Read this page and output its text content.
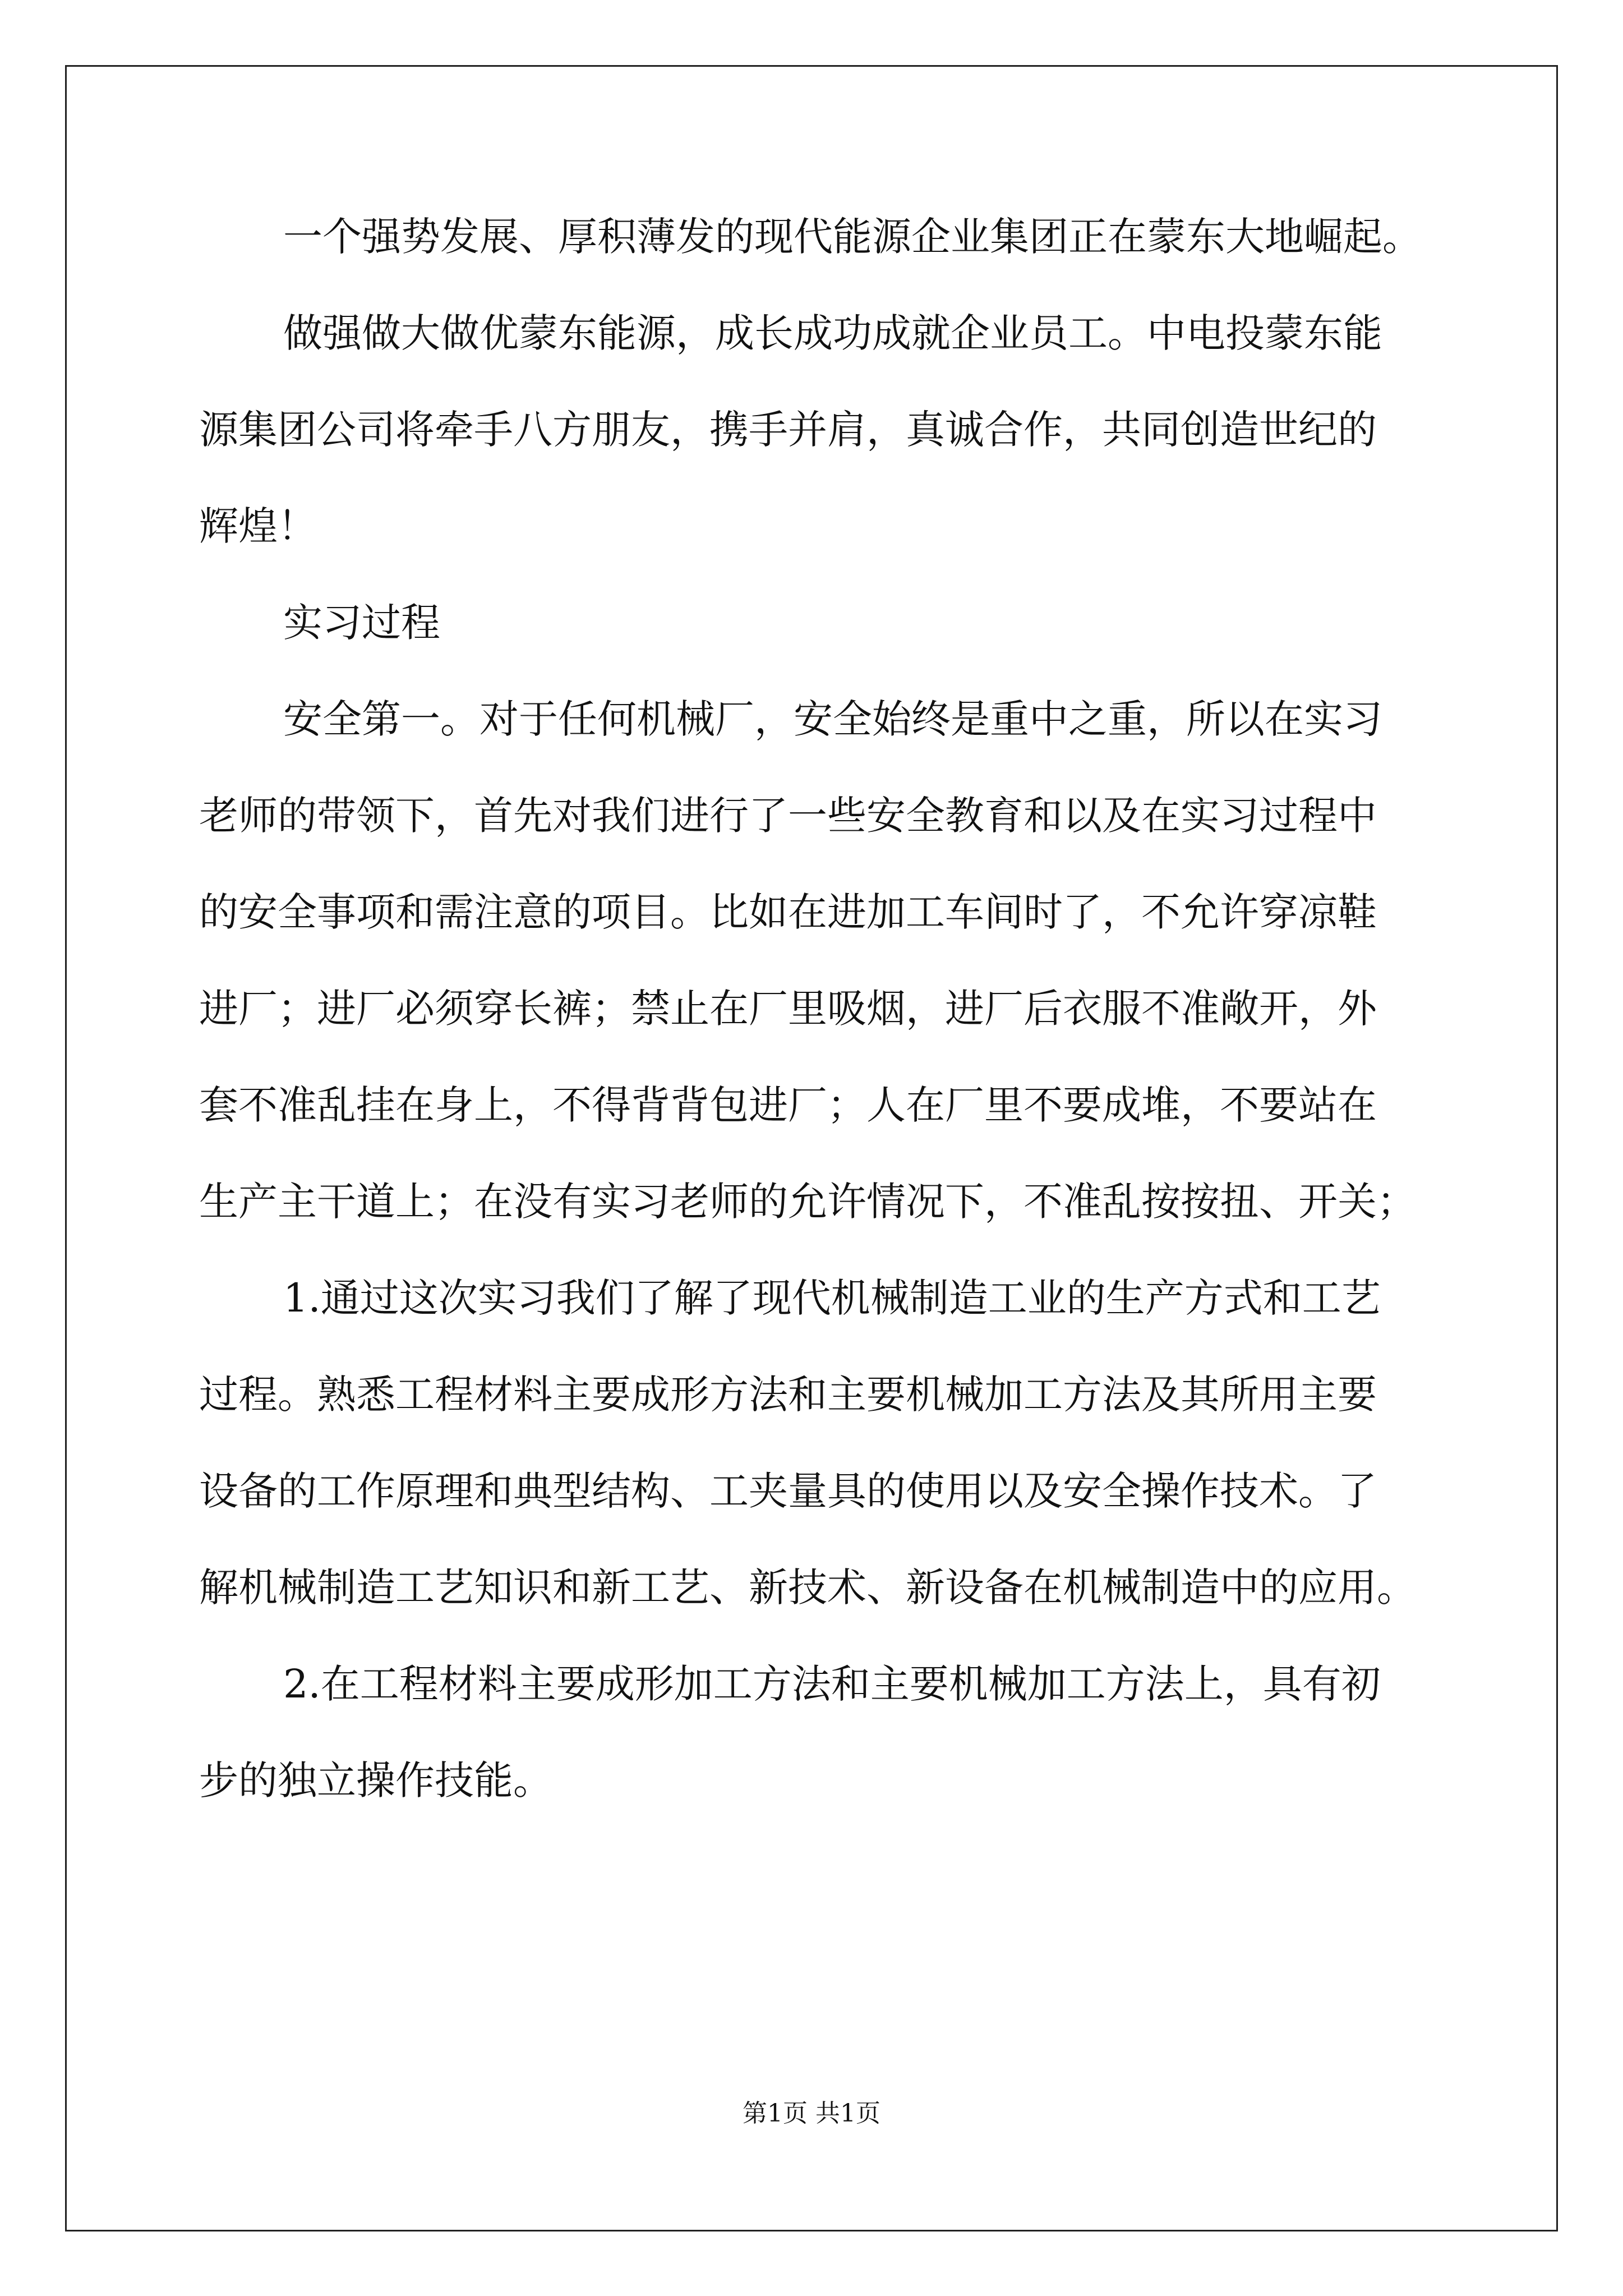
一个强势发展、厚积薄发的现代能源企业集团正在蒙东大地崛起。
做强做大做优蒙东能源，成长成功成就企业员工。中电投蒙东能
源集团公司将牵手八方朋友，携手并肩，真诚合作，共同创造世纪的
辉煌！
实习过程
安全第一。对于任何机械厂，安全始终是重中之重，所以在实习
老师的带领下，首先对我们进行了一些安全教育和以及在实习过程中
的安全事项和需注意的项目。比如在进加工车间时了，不允许穿凉鞋
进厂；进厂必须穿长裤；禁止在厂里吸烟，进厂后衣服不准敞开，外
套不准乱挂在身上，不得背背包进厂；人在厂里不要成堆，不要站在
生产主干道上；在没有实习老师的允许情况下，不准乱按按扭、开关；
1.通过这次实习我们了解了现代机械制造工业的生产方式和工艺
过程。熟悉工程材料主要成形方法和主要机械加工方法及其所用主要
设备的工作原理和典型结构、工夹量具的使用以及安全操作技术。了
解机械制造工艺知识和新工艺、新技术、新设备在机械制造中的应用。
2.在工程材料主要成形加工方法和主要机械加工方法上，具有初
步的独立操作技能。
第1页 共1页
